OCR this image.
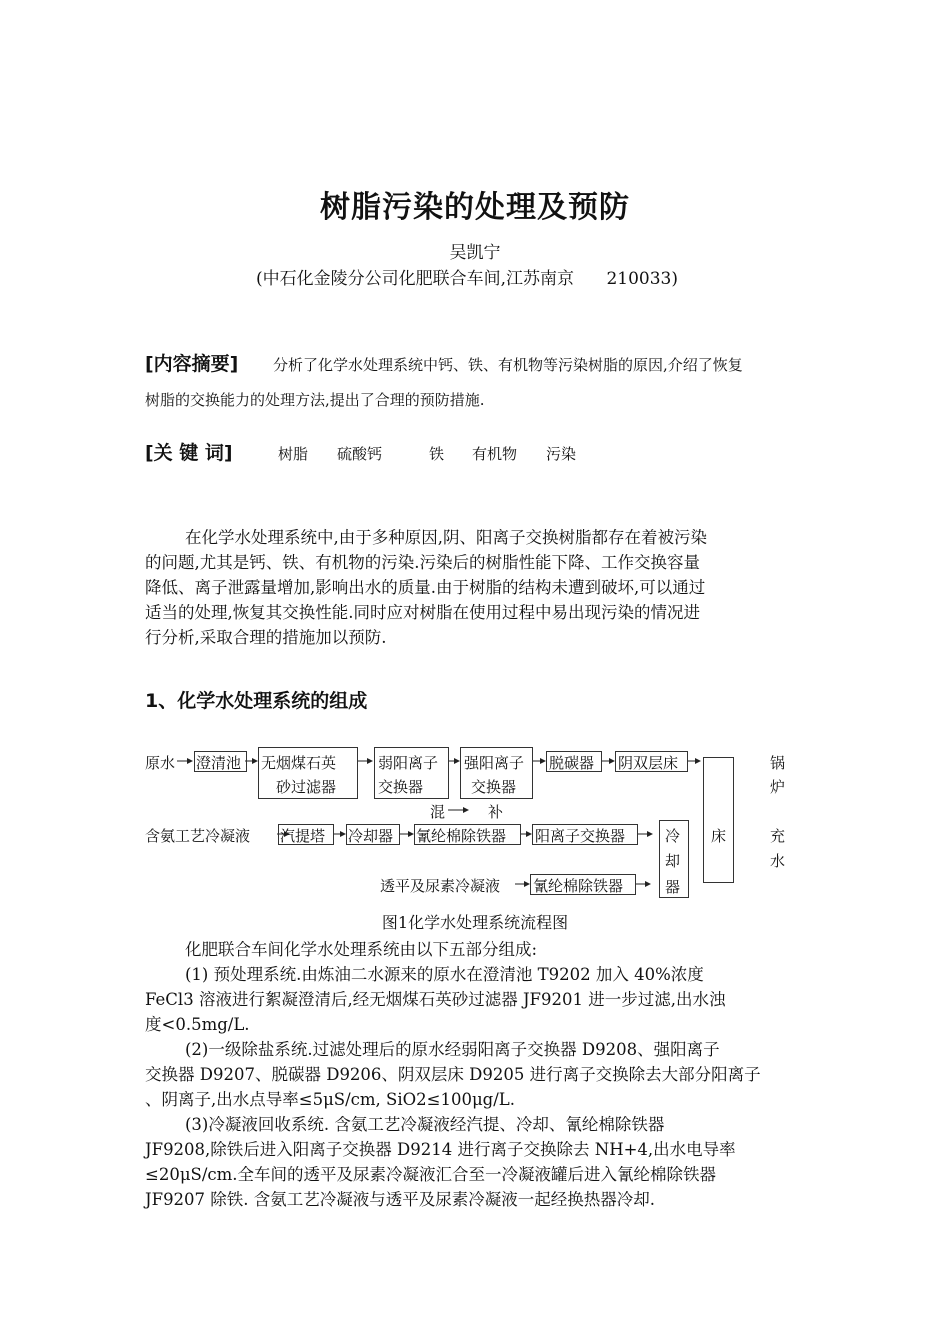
树脂污染的处理及预防
吴凯宁
(中石化金陵分公司化肥联合车间,江苏南京      210033)
[内容摘要] 分析了化学水处理系统中钙、铁、有机物等污染树脂的原因,介绍了恢复
树脂的交换能力的处理方法,提出了合理的预防措施.
[关 键 词]	树脂 硫酸钙	铁 有机物 污染
在化学水处理系统中,由于多种原因,阴、阳离子交换树脂都存在着被污染
的问题,尤其是钙、铁、有机物的污染.污染后的树脂性能下降、工作交换容量
降低、离子泄露量增加,影响出水的质量.由于树脂的结构未遭到破坏,可以通过
适当的处理,恢复其交换性能.同时应对树脂在使用过程中易出现污染的情况进
行分析,采取合理的措施加以预防.
1、化学水处理系统的组成
原水 澄清池 无烟煤石英
砂过滤器
弱阳离子
交换器
强阳离子
交换器
脱碳器 阴双层床
混	补
含氨工艺冷凝液 汽提塔 冷却器 氰纶棉除铁器 阳离子交换器	冷
却
器
床
锅
炉
充
水
透平及尿素冷凝液 氰纶棉除铁器
图1化学水处理系统流程图
化肥联合车间化学水处理系统由以下五部分组成:
(1) 预处理系统.由炼油二水源来的原水在澄清池 T9202 加入 40%浓度
FeCl3 溶液进行絮凝澄清后,经无烟煤石英砂过滤器 JF9201 进一步过滤,出水浊
度<0.5mg/L.
(2)一级除盐系统.过滤处理后的原水经弱阳离子交换器 D9208、强阳离子
交换器 D9207、脱碳器 D9206、阴双层床 D9205 进行离子交换除去大部分阳离子
、阴离子,出水点导率≤5μS/cm, SiO2≤100μg/L.
(3)冷凝液回收系统. 含氨工艺冷凝液经汽提、冷却、氰纶棉除铁器
JF9208,除铁后进入阳离子交换器 D9214 进行离子交换除去 NH+4,出水电导率
≤20μS/cm.全车间的透平及尿素冷凝液汇合至一冷凝液罐后进入氰纶棉除铁器
JF9207 除铁. 含氨工艺冷凝液与透平及尿素冷凝液一起经换热器冷却.
